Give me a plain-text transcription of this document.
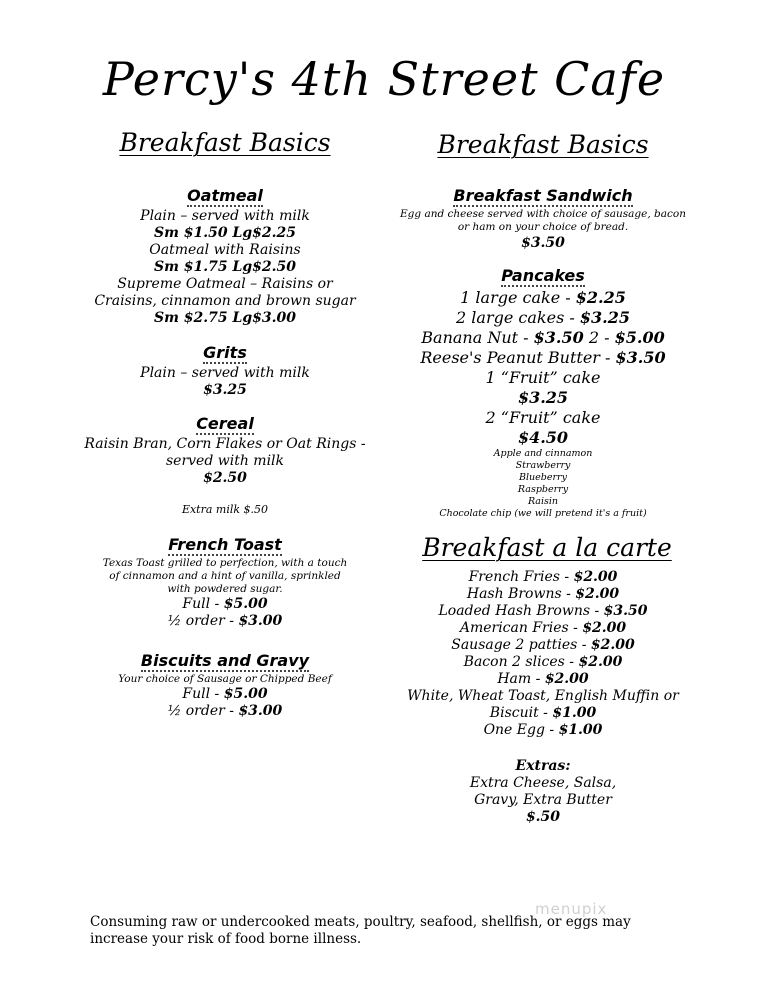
Percy's 4th Street Cafe
Breakfast Basics
Oatmeal
Plain – served with milk
Sm $1.50 Lg$2.25
Oatmeal with Raisins
Sm $1.75 Lg$2.50
Supreme Oatmeal – Raisins or
Craisins, cinnamon and brown sugar
Sm $2.75 Lg$3.00
Grits
Plain – served with milk
$3.25
Cereal
Raisin Bran, Corn Flakes or Oat Rings -
served with milk
$2.50
Extra milk $.50
French Toast
Texas Toast grilled to perfection, with a touch
of cinnamon and a hint of vanilla, sprinkled
with powdered sugar.
Full - $5.00
½ order - $3.00
Biscuits and Gravy
Your choice of Sausage or Chipped Beef
Full - $5.00
½ order - $3.00
Breakfast Basics
Breakfast Sandwich
Egg and cheese served with choice of sausage, bacon
or ham on your choice of bread.
$3.50
Pancakes
1 large cake - $2.25
2 large cakes - $3.25
Banana Nut - $3.50 2 - $5.00
Reese's Peanut Butter - $3.50
1 “Fruit” cake
$3.25
2 “Fruit” cake
$4.50
Apple and cinnamon
Strawberry
Blueberry
Raspberry
Raisin
Chocolate chip (we will pretend it's a fruit)
Breakfast a la carte
French Fries - $2.00
Hash Browns - $2.00
Loaded Hash Browns - $3.50
American Fries - $2.00
Sausage 2 patties - $2.00
Bacon 2 slices - $2.00
Ham - $2.00
White, Wheat Toast, English Muffin or
Biscuit - $1.00
One Egg - $1.00
Extras:
Extra Cheese, Salsa,
Gravy, Extra Butter
$.50
menupix
Consuming raw or undercooked meats, poultry, seafood, shellfish, or eggs may increase your risk of food borne illness.
